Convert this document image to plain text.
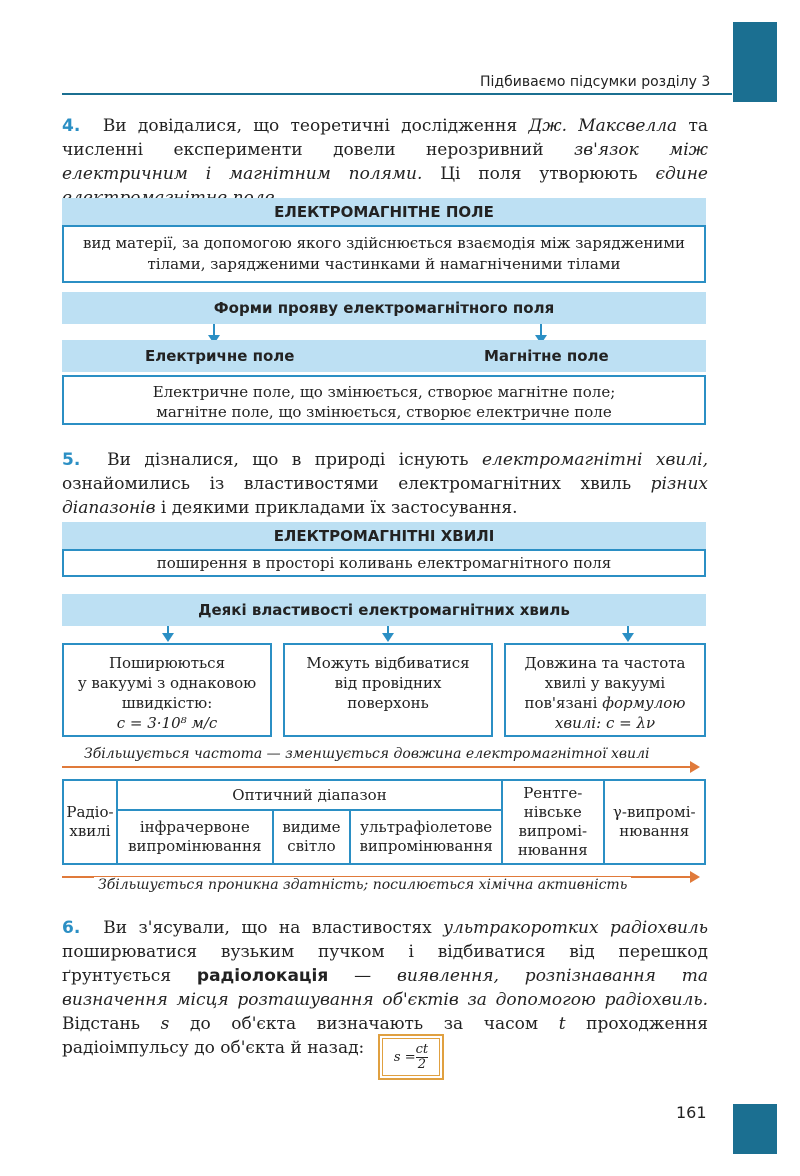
Підбиваємо підсумки розділу 3

4. Ви довідалися, що теоретичні дослідження Дж. Максвелла та численні експерименти довели нерозривний зв'язок між електричним і магнітним полями. Ці поля утворюють єдине

ЕЛЕКТРОМАГНІТНЕ ПОЛЕ
вид матерії, за допомогою якого здійснюється взаємодія між зарядженими
тілами, зарядженими частинками й намагніченими тілами
Форми прояву електромагнітного поля
Електричне поле	Магнітне поле
Електричне поле, що змінюється, створює магнітне поле;
магнітне поле, що змінюється, створює електричне поле

5. Ви дізналися, що в природі існують електромагнітні хвилі, ознайомились із властивостями електромагнітних хвиль різних діапазонів і деякими прикладами їх застосування.

ЕЛЕКТРОМАГНІТНІ ХВИЛІ
поширення в просторі коливань електромагнітного поля
Деякі властивості електромагнітних хвиль
Поширюються
у вакуумі з однаковою
швидкістю:
c = 3·10⁸ м/с
Можуть відбиватися
від провідних
поверхонь
Довжина та частота
хвилі у вакуумі
пов'язані формулою
хвилі: c = λν
Збільшується частота — зменшується довжина електромагнітної хвилі
Радіохвилі	Оптичний діапазон			Рентгенівське випромінювання	γ-випромінювання
	інфрачервоне випромінювання	видиме світло	ультрафіолетове випромінювання		
Збільшується проникна здатність; посилюється хімічна активність

6. Ви з'ясували, що на властивостях ультракоротких радіохвиль поширюватися вузьким пучком і відбиватися від перешкод ґрунтується радіолокація — виявлення, розпізнавання та визначення місця розташування об'єктів за допомогою радіохвиль. Відстань s до об'єкта визначають за часом t проходження радіоімпульсу до об'єкта й назад:	$s = \frac{ct}{2}$
161
